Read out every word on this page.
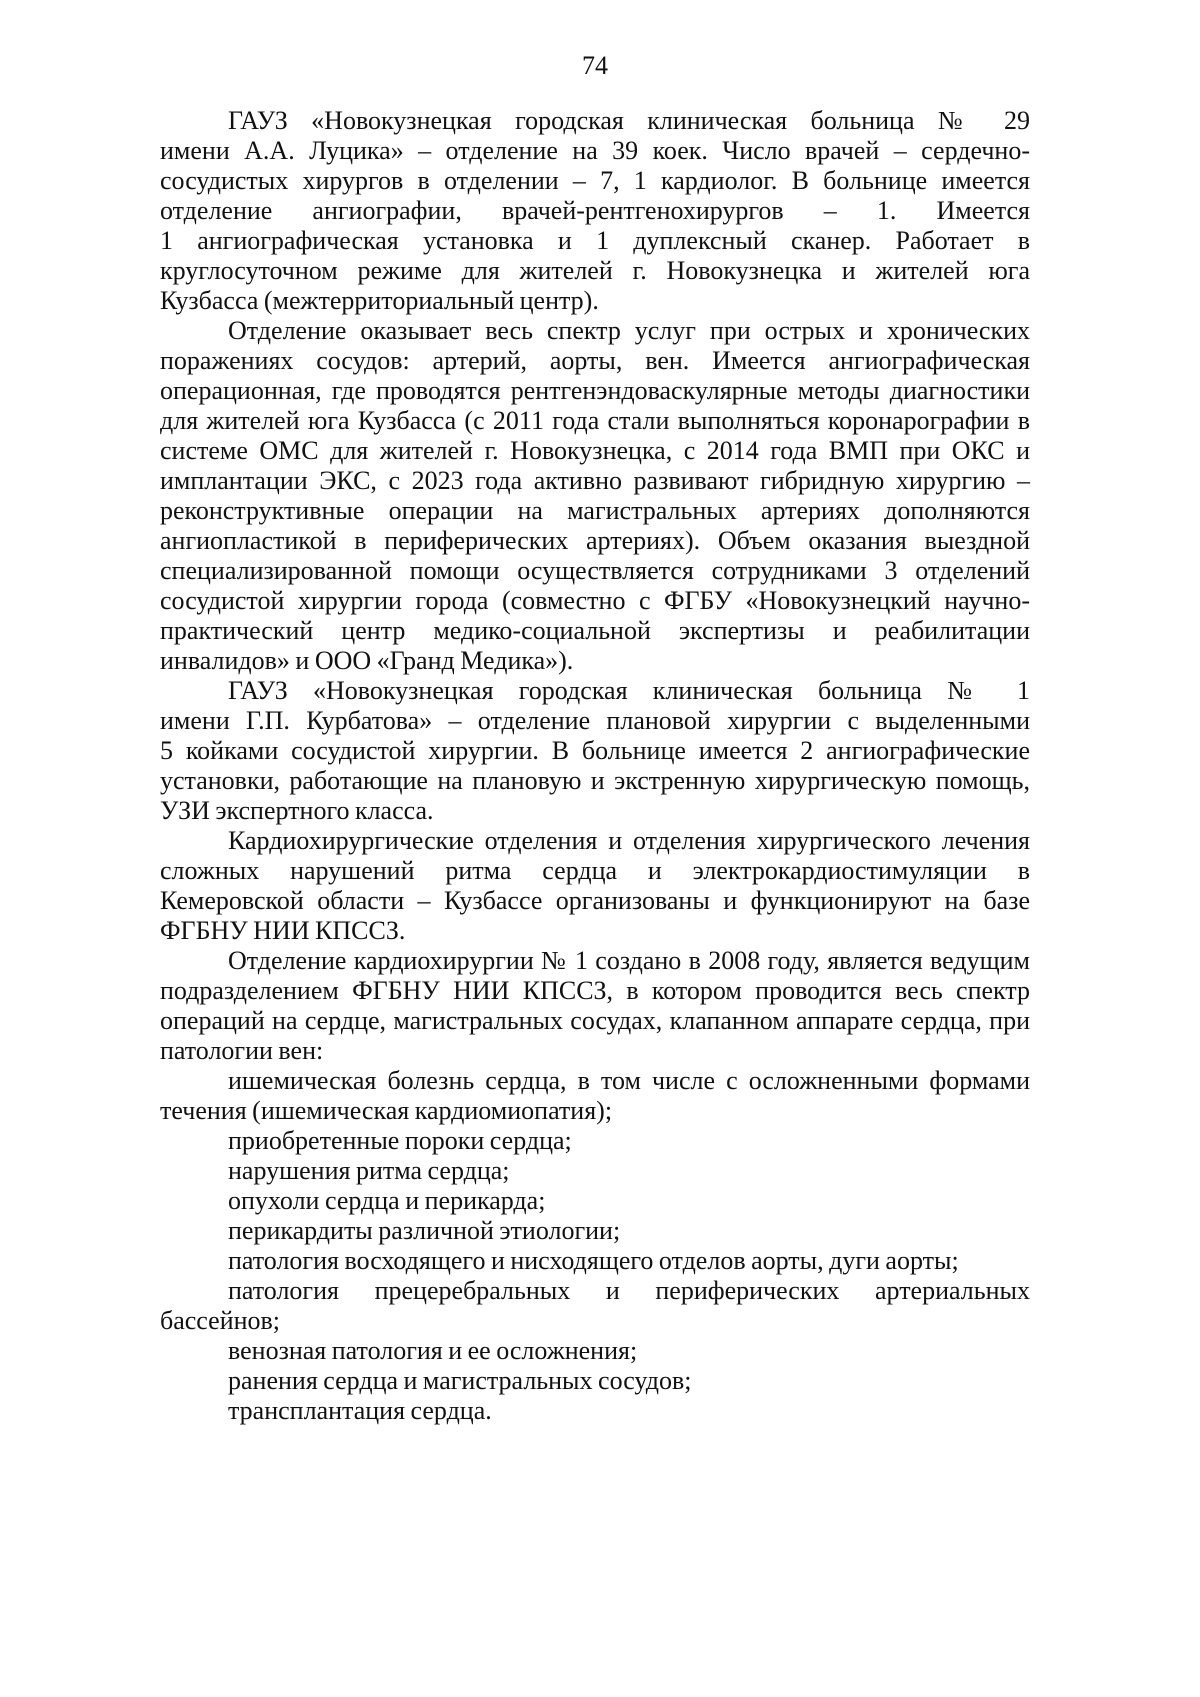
74
ГАУЗ «Новокузнецкая городская клиническая больница № 29
имени А.А. Луцика» – отделение на 39 коек. Число врачей – сердечно-
сосудистых хирургов в отделении – 7, 1 кардиолог. В больнице имеется
отделение ангиографии, врачей-рентгенохирургов – 1. Имеется
1 ангиографическая установка и 1 дуплексный сканер. Работает в
круглосуточном режиме для жителей г. Новокузнецка и жителей юга
Кузбасса (межтерриториальный центр).
Отделение оказывает весь спектр услуг при острых и хронических
поражениях сосудов: артерий, аорты, вен. Имеется ангиографическая
операционная, где проводятся рентгенэндоваскулярные методы диагностики
для жителей юга Кузбасса (с 2011 года стали выполняться коронарографии в
системе ОМС для жителей г. Новокузнецка, с 2014 года ВМП при ОКС и
имплантации ЭКС, с 2023 года активно развивают гибридную хирургию –
реконструктивные операции на магистральных артериях дополняются
ангиопластикой в периферических артериях). Объем оказания выездной
специализированной помощи осуществляется сотрудниками 3 отделений
сосудистой хирургии города (совместно с ФГБУ «Новокузнецкий научно-
практический центр медико-социальной экспертизы и реабилитации
инвалидов» и ООО «Гранд Медика»).
ГАУЗ «Новокузнецкая городская клиническая больница № 1
имени Г.П. Курбатова» – отделение плановой хирургии с выделенными
5 койками сосудистой хирургии. В больнице имеется 2 ангиографические
установки, работающие на плановую и экстренную хирургическую помощь,
УЗИ экспертного класса.
Кардиохирургические отделения и отделения хирургического лечения
сложных нарушений ритма сердца и электрокардиостимуляции в
Кемеровской области – Кузбассе организованы и функционируют на базе
ФГБНУ НИИ КПССЗ.
Отделение кардиохирургии № 1 создано в 2008 году, является ведущим
подразделением ФГБНУ НИИ КПССЗ, в котором проводится весь спектр
операций на сердце, магистральных сосудах, клапанном аппарате сердца, при
патологии вен:
ишемическая болезнь сердца, в том числе с осложненными формами
течения (ишемическая кардиомиопатия);
приобретенные пороки сердца;
нарушения ритма сердца;
опухоли сердца и перикарда;
перикардиты различной этиологии;
патология восходящего и нисходящего отделов аорты, дуги аорты;
патология прецеребральных и периферических артериальных
бассейнов;
венозная патология и ее осложнения;
ранения сердца и магистральных сосудов;
трансплантация сердца.
